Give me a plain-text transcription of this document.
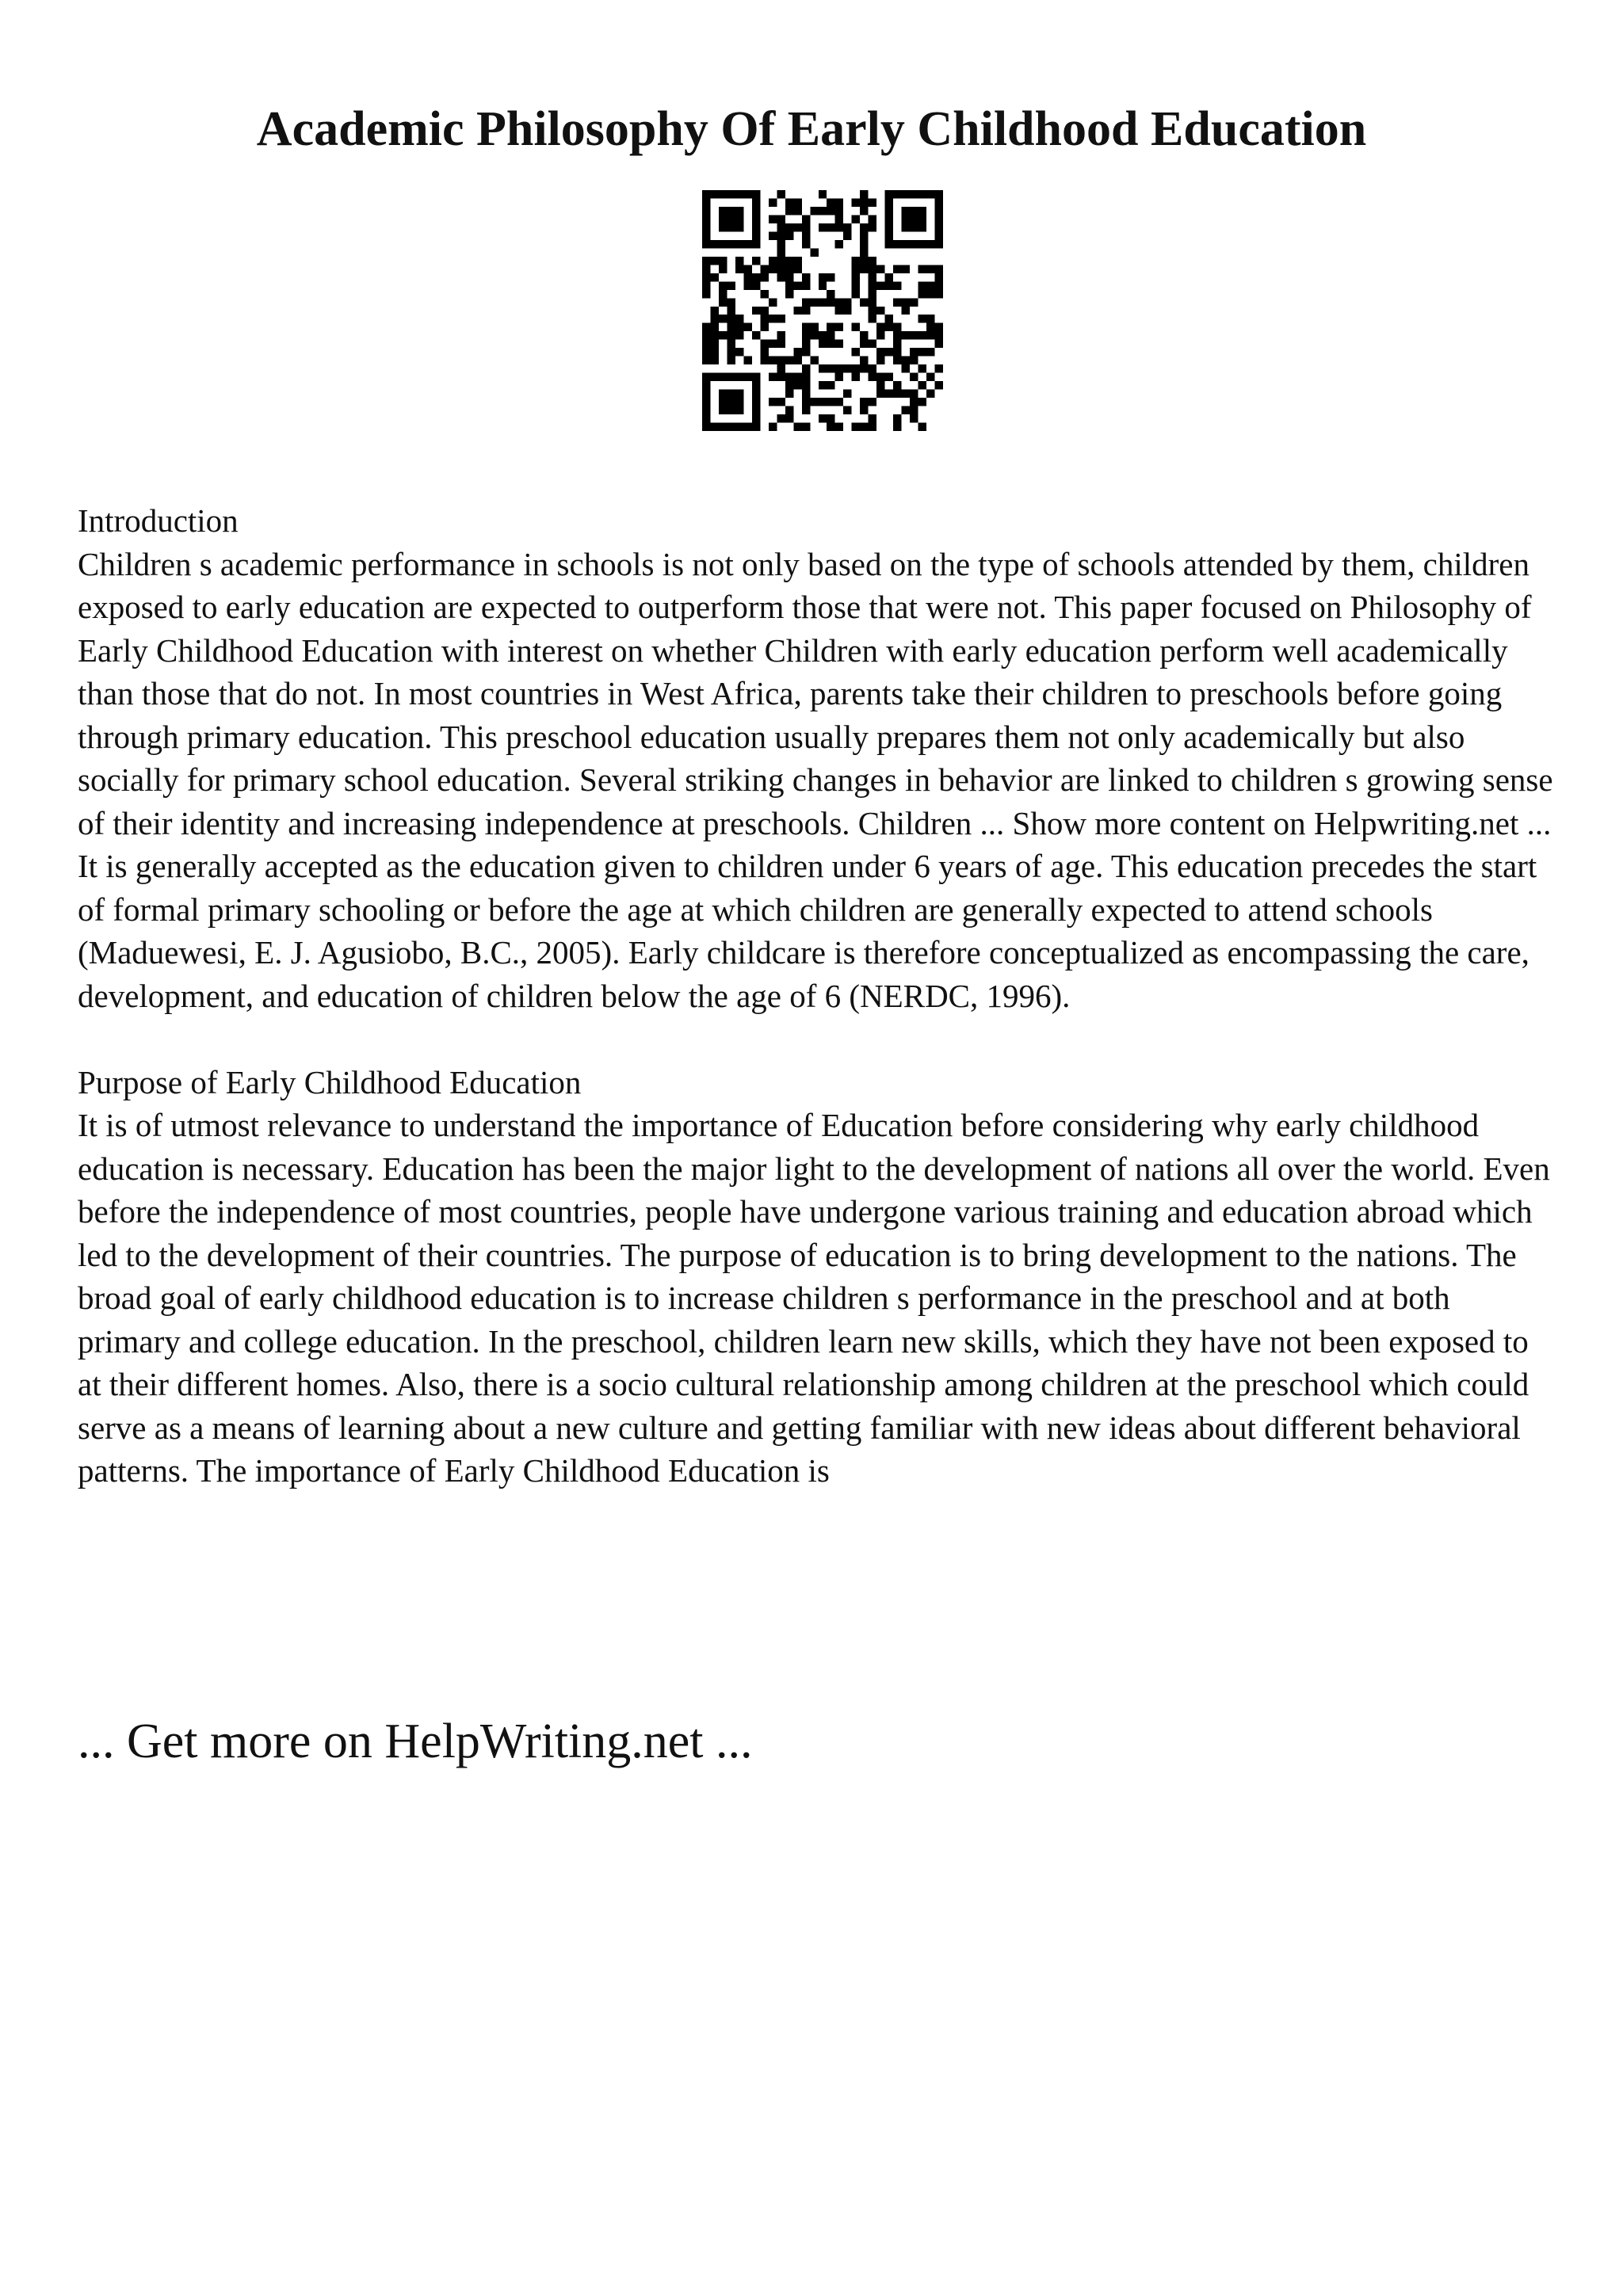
Academic Philosophy Of Early Childhood Education

Introduction

Children s academic performance in schools is not only based on the type of schools attended by them, children exposed to early education are expected to outperform those that were not. This paper focused on Philosophy of Early Childhood Education with interest on whether Children with early education perform well academically than those that do not. In most countries in West Africa, parents take their children to preschools before going through primary education. This preschool education usually prepares them not only academically but also socially for primary school education. Several striking changes in behavior are linked to children s growing sense of their identity and increasing independence at preschools. Children ... Show more content on Helpwriting.net ...

It is generally accepted as the education given to children under 6 years of age. This education precedes the start of formal primary schooling or before the age at which children are generally expected to attend schools (Maduewesi, E. J. Agusiobo, B.C., 2005). Early childcare is therefore conceptualized as encompassing the care, development, and education of children below the age of 6 (NERDC, 1996).

Purpose of Early Childhood Education

It is of utmost relevance to understand the importance of Education before considering why early childhood education is necessary. Education has been the major light to the development of nations all over the world. Even before the independence of most countries, people have undergone various training and education abroad which led to the development of their countries. The purpose of education is to bring development to the nations. The broad goal of early childhood education is to increase children s performance in the preschool and at both primary and college education. In the preschool, children learn new skills, which they have not been exposed to at their different homes. Also, there is a socio cultural relationship among children at the preschool which could serve as a means of learning about a new culture and getting familiar with new ideas about different behavioral patterns. The importance of Early Childhood Education is

... Get more on HelpWriting.net ...
